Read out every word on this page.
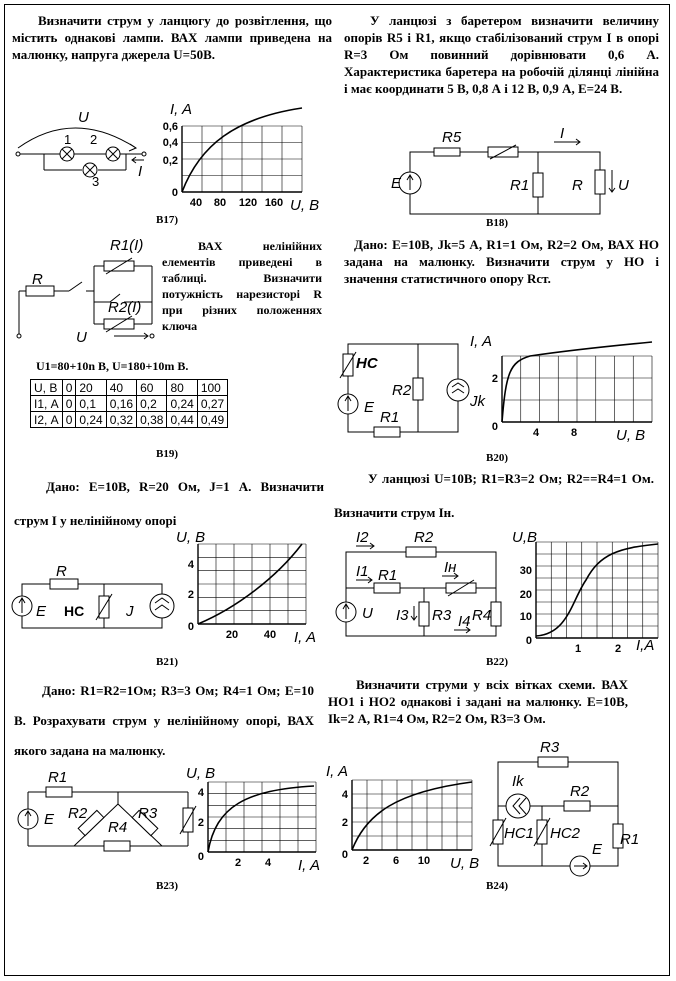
Визначити струм у ланцюгу до розвітлення, що містить однакові лампи. ВАХ лампи приведена на малюнку, напруга джерела U=50В.
U
1 2
3
I
0,6
0,4
0,2
0
40 80 120 160
I, A
U, B
В17)
У ланцюзі з баретером визначити величину опорів R5 і R1, якщо стабілізований струм I в опорі R=3 Ом повинний дорівнювати 0,6 А. Характеристика баретера на робочій ділянці лінійна і має координати 5 В, 0,8 А і 12 В, 0,9 А, E=24 В.
R5
E	R1	R
I
U
В18)
R1(I)
R
R2(I)
U
ВАХ нелінійних елементів приведені в таблиці. Визначити потужність нарезисторі R при різних положеннях ключа
U1=80+10n В, U=180+10m В.
U, В	0	20	40	60	80	100
I1, А	0	0,1	0,16	0,2	0,24	0,27
I2, А	0	0,24	0,32	0,38	0,44	0,49
В19)
Дано: E=10В, Jk=5 А, R1=1 Ом, R2=2 Ом, ВАХ НО задана на малюнку. Визначити струм у НО і значення статистичного опору Rст.
НС
R2
E
R1
Jk
2
0	4	8
I, A
U, B
В20)
Дано: E=10В, R=20 Ом, J=1 А. Визначити струм I у нелінійному опорі
R
E НС	J
4
2
0
20 40
U, B
I, A
В21)
У ланцюзі U=10В; R1=R3=2 Ом; R2==R4=1 Ом. Визначити струм Iн.
I2	R2
I1 R1	Iн
I3 R3 R4
I4
U
30
20
10
0
1	2
U,B
I,A
В22)
Дано: R1=R2=1Ом; R3=3 Ом; R4=1 Ом; E=10 В. Розрахувати струм у нелінійному опорі, ВАХ якого задана на малюнку.
R1
E R2
R4
R3
4
2
0	2 4
U, B
I, A
В23)
Визначити струми у всіх вітках схеми. ВАХ НО1 і НО2 однакові і задані на малюнку. E=10В, Ik=2 А, R1=4 Ом, R2=2 Ом, R3=3 Ом.
4
2
0 2 6 10
I, A
U, B
R3
Ik
R2
НС1 НС2
E
R1
В24)
